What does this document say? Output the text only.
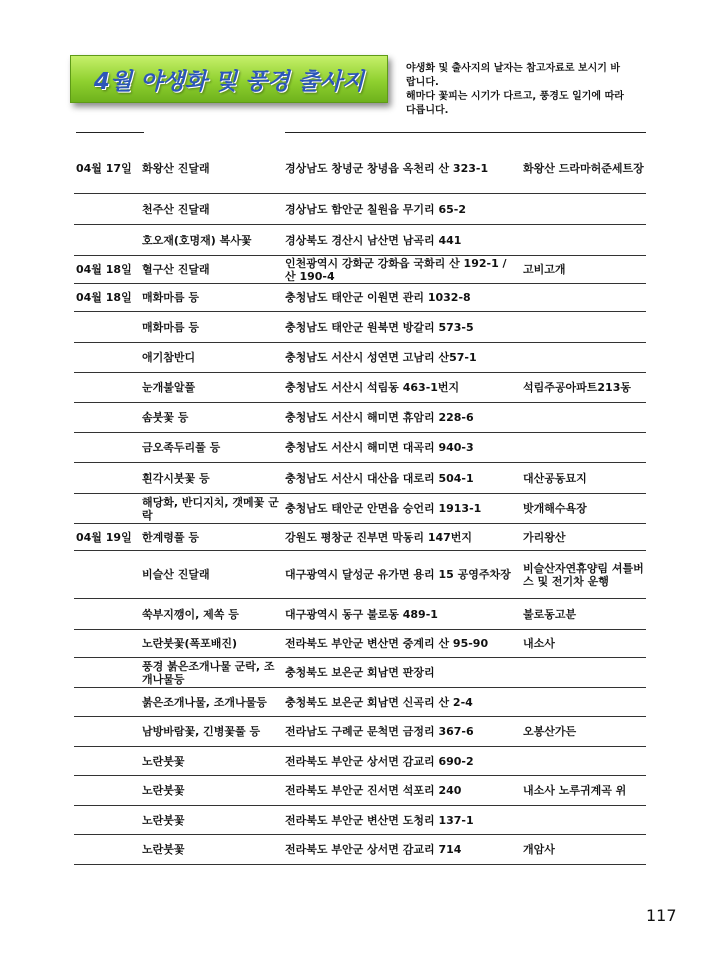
4월 야생화 및 풍경 출사지	야생화 및 출사지의 날자는 참고자료로 보시기 바
랍니다.
해마다 꽃피는 시기가 다르고, 풍경도 일기에 따라
다릅니다.
04월 17일 화왕산 진달래	경상남도 창녕군 창녕읍 옥천리 산 323-1	화왕산 드라마허준세트장
천주산 진달래	경상남도 함안군 칠원읍 무기리 65-2
호오재(호명재) 복사꽃	경상북도 경산시 남산면 남곡리 441
04월 18일 혈구산 진달래	인천광역시 강화군 강화읍 국화리 산 192-1 / 산 190-4	고비고개
04월 18일 매화마름 등	충청남도 태안군 이원면 관리 1032-8
매화마름 등	충청남도 태안군 원북면 방갈리 573-5
애기참반디	충청남도 서산시 성연면 고남리 산57-1
눈개불알풀	충청남도 서산시 석림동 463-1번지	석림주공아파트213동
솜붓꽃 등	충청남도 서산시 해미면 휴암리 228-6
금오족두리풀 등	충청남도 서산시 해미면 대곡리 940-3
흰각시붓꽃 등	충청남도 서산시 대산읍 대로리 504-1	대산공동묘지
해당화, 반디지치, 갯메꽃 군락	충청남도 태안군 안면읍 승언리 1913-1	밧개해수욕장
04월 19일 한계령풀 등	강원도 평창군 진부면 막동리 147번지	가리왕산
비슬산 진달래	대구광역시 달성군 유가면 용리 15 공영주차장	비슬산자연휴양림 셔틀버스 및 전기차 운행
쑥부지깽이, 제쏙 등	대구광역시 동구 불로동 489-1	불로동고분
노란붓꽃(폭포배진)	전라북도 부안군 변산면 중계리 산 95-90	내소사
풍경 붉은조개나물 군락, 조개나물등	충청북도 보은군 회남면 판장리
붉은조개나물, 조개나물등	충청북도 보은군 회남면 신곡리 산 2-4
남방바람꽃, 긴병꽃풀 등	전라남도 구례군 문척면 금정리 367-6	오봉산가든
노란붓꽃	전라북도 부안군 상서면 감교리 690-2
노란붓꽃	전라북도 부안군 진서면 석포리 240	내소사 노루귀계곡 위
노란붓꽃	전라북도 부안군 변산면 도청리 137-1
노란붓꽃	전라북도 부안군 상서면 감교리 714	개암사
117
